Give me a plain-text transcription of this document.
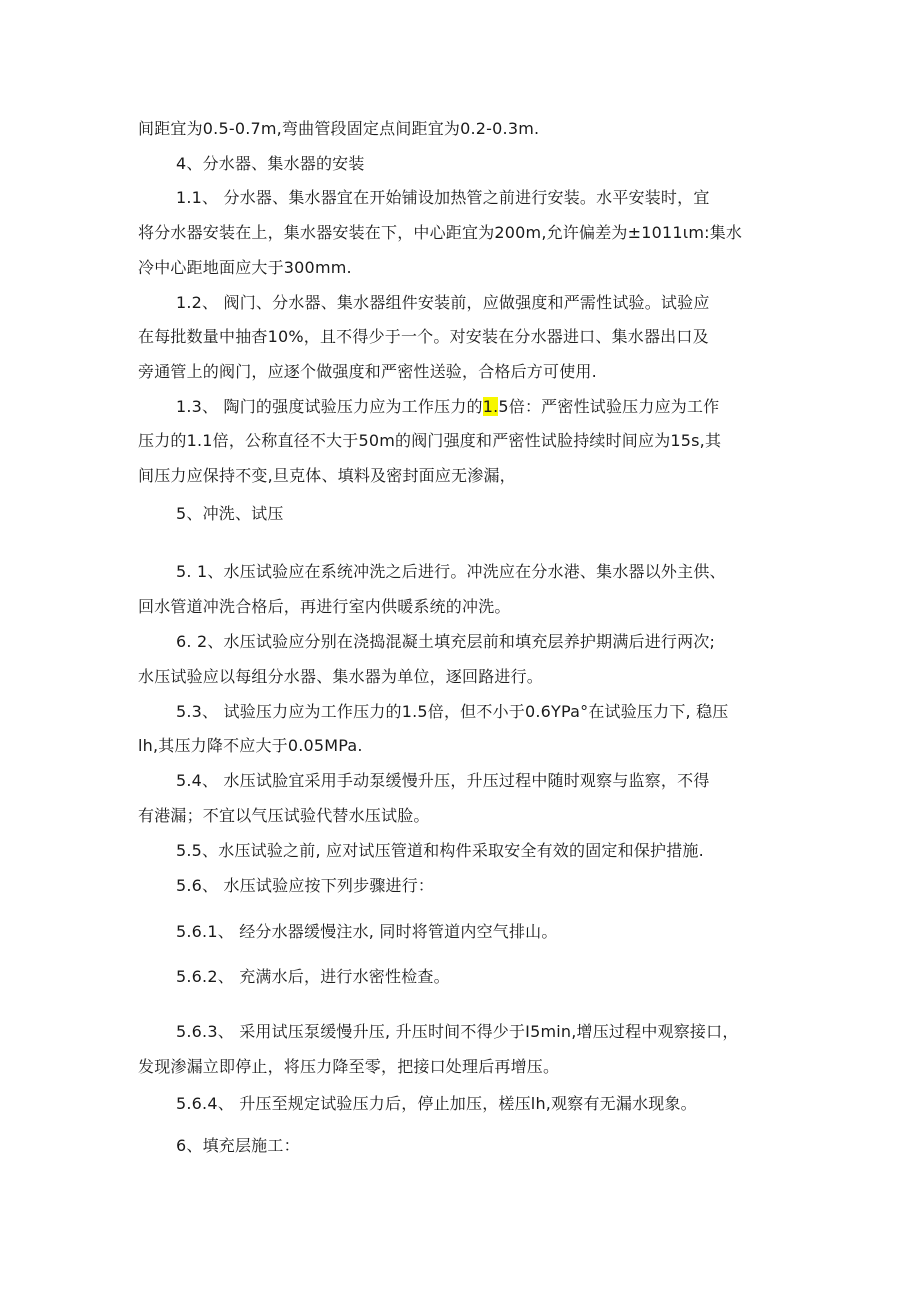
间距宜为0.5-0.7m,弯曲管段固定点间距宜为0.2-0.3m.
4、分水器、集水器的安装
1.1、 分水器、集水器宜在开始铺设加热管之前进行安装。水平安装时，宜
将分水器安装在上，集水器安装在下，中心距宜为200m,允许偏差为±1011ιm:集水
冷中心距地面应大于300mm.
1.2、 阀门、分水器、集水器组件安装前，应做强度和严需性试验。试验应
在每批数量中抽杳10%，且不得少于一个。对安装在分水器进口、集水器出口及
旁通管上的阀门，应逐个做强度和严密性送验，合格后方可使用.
1.3、 陶门的强度试验压力应为工作压力的1.5倍：严密性试验压力应为工作
压力的1.1倍，公称直径不大于50m的阀门强度和严密性试脸持续时间应为15s,其
间压力应保持不变,旦克体、填料及密封面应无渗漏，
5、冲洗、试压
5. 1、水压试验应在系统冲洗之后进行。冲洗应在分水港、集水器以外主供、
回水管道冲洗合格后，再进行室内供暖系统的冲洗。
6. 2、水压试验应分别在浇捣混凝土填充层前和填充层养护期满后进行两次;
水压试验应以每组分水器、集水器为单位，逐回路进行。
5.3、 试验压力应为工作压力的1.5倍，但不小于0.6YPa°在试验压力下, 稳压
lh,其压力降不应大于0.05MPa.
5.4、 水压试脸宜采用手动泵缓慢升压，升压过程中随时观察与监察，不得
有港漏；不宜以气压试验代替水压试脸。
5.5、水压试验之前, 应对试压管道和构件采取安全有效的固定和保护措施.
5.6、 水压试验应按下列步骤进行：
5.6.1、 经分水器缓慢注水, 同时将管道内空气排山。
5.6.2、 充满水后，进行水密性检查。
5.6.3、 采用试压泵缓慢升压, 升压时间不得少于I5min,增压过程中观察接口，
发现渗漏立即停止，将压力降至零，把接口处理后再增压。
5.6.4、 升压至规定试验压力后，停止加压，槎压lh,观察有无漏水现象。
6、填充层施工：
